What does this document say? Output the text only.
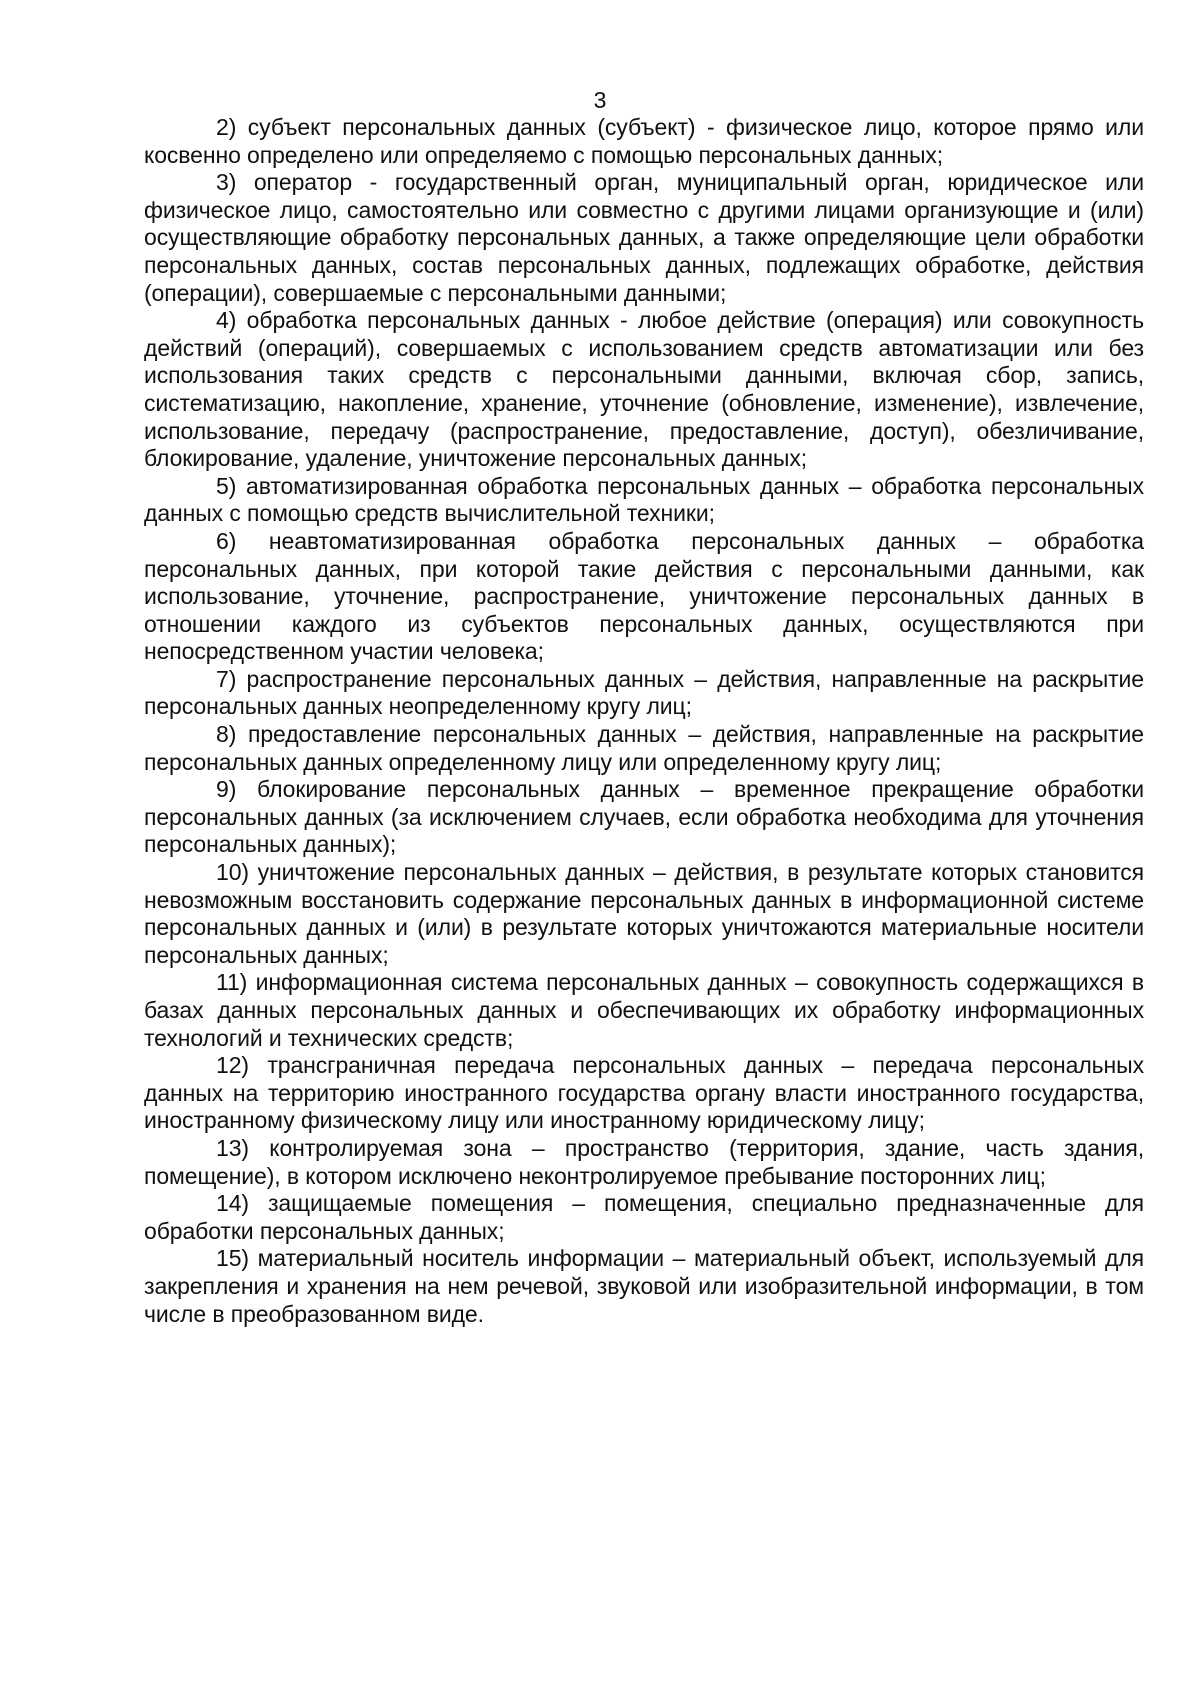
3

2) субъект персональных данных (субъект) - физическое лицо, которое прямо или косвенно определено или определяемо с помощью персональных данных;

3) оператор - государственный орган, муниципальный орган, юридическое или физическое лицо, самостоятельно или совместно с другими лицами организующие и (или) осуществляющие обработку персональных данных, а также определяющие цели обработки персональных данных, состав персональных данных, подлежащих обработке, действия (операции), совершаемые с персональными данными;

4) обработка персональных данных - любое действие (операция) или совокупность действий (операций), совершаемых с использованием средств автоматизации или без использования таких средств с персональными данными, включая сбор, запись, систематизацию, накопление, хранение, уточнение (обновление, изменение), извлечение, использование, передачу (распространение, предоставление, доступ), обезличивание, блокирование, удаление, уничтожение персональных данных;

5) автоматизированная обработка персональных данных – обработка персональных данных с помощью средств вычислительной техники;

6) неавтоматизированная обработка персональных данных – обработка персональных данных, при которой такие действия с персональными данными, как использование, уточнение, распространение, уничтожение персональных данных в отношении каждого из субъектов персональных данных, осуществляются при непосредственном участии человека;

7) распространение персональных данных – действия, направленные на раскрытие персональных данных неопределенному кругу лиц;

8) предоставление персональных данных – действия, направленные на раскрытие персональных данных определенному лицу или определенному кругу лиц;

9) блокирование персональных данных – временное прекращение обработки персональных данных (за исключением случаев, если обработка необходима для уточнения персональных данных);

10) уничтожение персональных данных – действия, в результате которых становится невозможным восстановить содержание персональных данных в информационной системе персональных данных и (или) в результате которых уничтожаются материальные носители персональных данных;

11) информационная система персональных данных – совокупность содержащихся в базах данных персональных данных и обеспечивающих их обработку информационных технологий и технических средств;

12) трансграничная передача персональных данных – передача персональных данных на территорию иностранного государства органу власти иностранного государства, иностранному физическому лицу или иностранному юридическому лицу;

13) контролируемая зона – пространство (территория, здание, часть здания, помещение), в котором исключено неконтролируемое пребывание посторонних лиц;

14) защищаемые помещения – помещения, специально предназначенные для обработки персональных данных;

15) материальный носитель информации – материальный объект, используемый для закрепления и хранения на нем речевой, звуковой или изобразительной информации, в том числе в преобразованном виде.
